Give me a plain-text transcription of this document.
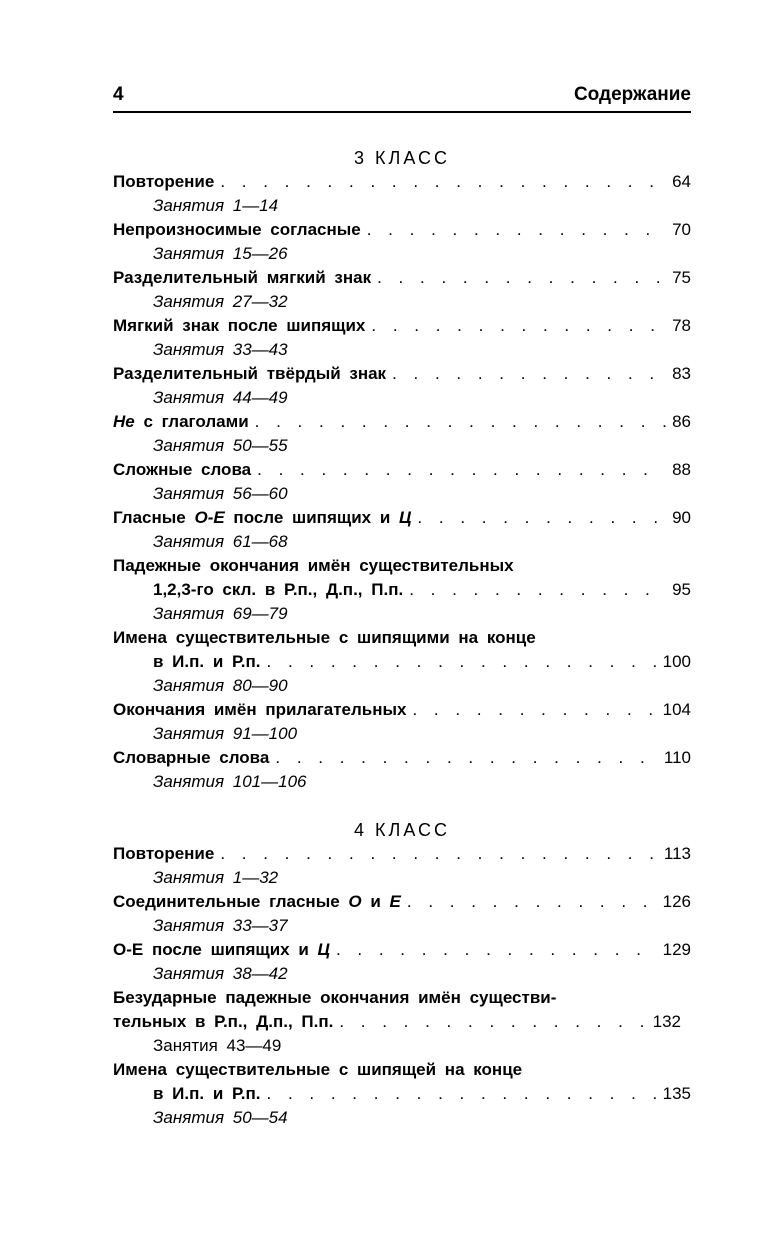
4	Содержание
3 КЛАСС
Повторение . . .	64
Занятия 1—14
Непроизносимые согласные . . .	70
Занятия 15—26
Разделительный мягкий знак . . .	75
Занятия 27—32
Мягкий знак после шипящих . . .	78
Занятия 33—43
Разделительный твёрдый знак . . .	83
Занятия 44—49
Не с глаголами . . .	86
Занятия 50—55
Сложные слова . . .	88
Занятия 56—60
Гласные О-Е после шипящих и Ц . . .	90
Занятия 61—68
Падежные окончания имён существительных
1,2,3-го скл. в Р.п., Д.п., П.п. . . .	95
Занятия 69—79
Имена существительные с шипящими на конце
в И.п. и Р.п. . . .	100
Занятия 80—90
Окончания имён прилагательных . . .	104
Занятия 91—100
Словарные слова . . .	110
Занятия 101—106
4 КЛАСС
Повторение . . .	113
Занятия 1—32
Соединительные гласные О и Е . . .	126
Занятия 33—37
О-Е после шипящих и Ц . . .	129
Занятия 38—42
Безударные падежные окончания имён существи-
тельных в Р.п., Д.п., П.п. . . .	132
Занятия 43—49
Имена существительные с шипящей на конце
в И.п. и Р.п. . . .	135
Занятия 50—54
